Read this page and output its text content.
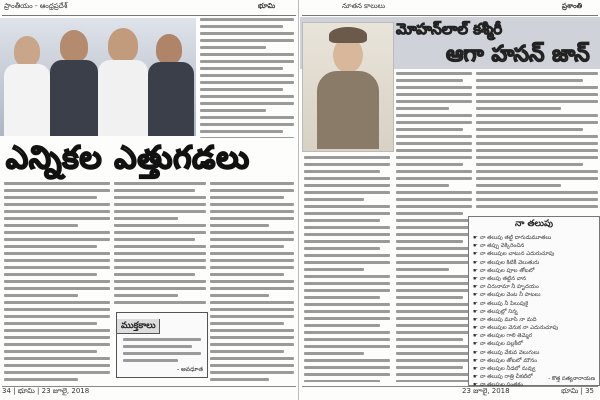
ప్రాంతీయం - ఆంధ్రప్రదేశ్	భూమి
ఎన్నికల ఎత్తుగడలు
ముక్తకాలు
- అవధూత
34 | భూమి | 23 జూలై, 2018
నూతన కాలులు	ప్రశాంతి
మోహన్‌లాల్ కశ్మీరీ
ఆగా హసన్ జాన్
నా తలుపు
☛ నా తలుపు తట్టి దాగుడుమూతలు
☛ నా తప్పు వెక్కిరించిన
☛ నా తలుపుల చాటున ఎదురుచూపు
☛ నా తలపుల కిటికీ వెలుతురు
☛ నా తలపుల పూల తోటలో
☛ నా తలపు తట్టిన వాన
☛ నా చిరునామా నీ హృదయం
☛ నా తలపుల వెంట నీ పాటలు
☛ నా తలుపు నీ పిలుపుకై
☛ నా తలపుల్లో నిన్న
☛ నా తలుపు మూసి నా మది
☛ నా తలుపుల వెనుక నా ఎదురుచూపు
☛ నా తలపుల గాలి తెమ్మెర
☛ నా తలపుల పల్లకీలో
☛ నా తలుపు వేకువ వెలుగులు
☛ నా తలపుల తోటలో మౌనం
☛ నా తలపుల నీడలో నువ్వు
☛ నా తలుపు రాత్రి చీకటిలో
☛ నా తలపుల సంతకం
- కొత్త సత్యనారాయణ
23 జూలై, 2018	భూమి | 35
